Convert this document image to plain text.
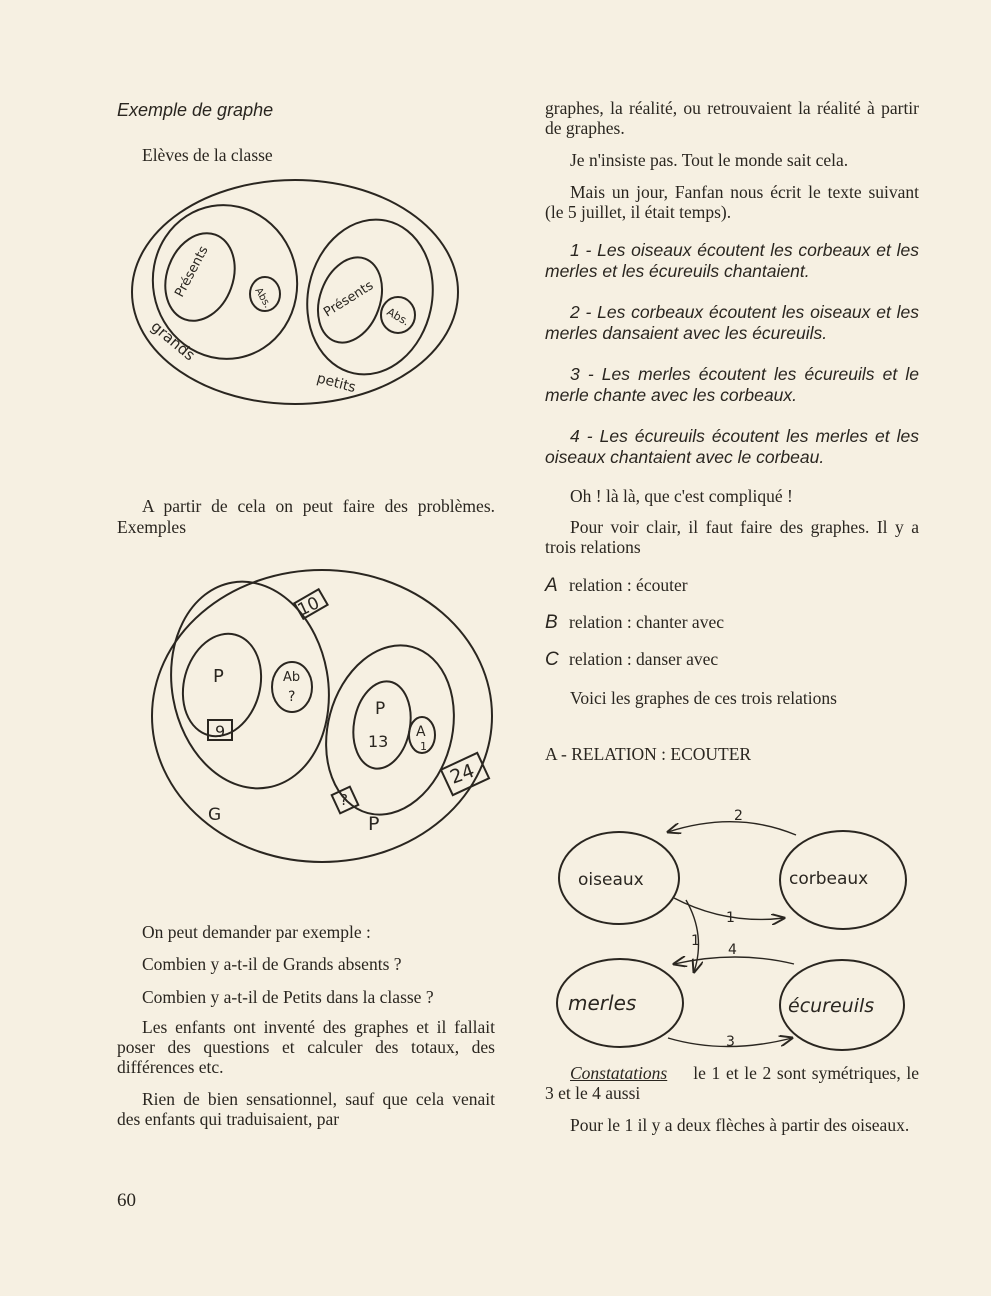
Exemple de graphe

Elèves de la classe

Présents	Abs.	Présents Abs.
grands
petits

A partir de cela on peut faire des problèmes. Exemples

10
P
9
Ab
?
P
13 A
1
?
24
G	P

On peut demander par exemple :

Combien y a-t-il de Grands absents ?

Combien y a-t-il de Petits dans la classe ?

Les enfants ont inventé des graphes et il fallait poser des questions et calculer des totaux, des différences etc.

Rien de bien sensationnel, sauf que cela venait des enfants qui traduisaient, par

graphes, la réalité, ou retrouvaient la réalité à partir de graphes.

Je n'insiste pas. Tout le monde sait cela.

Mais un jour, Fanfan nous écrit le texte suivant (le 5 juillet, il était temps).

1 - Les oiseaux écoutent les corbeaux et les merles et les écureuils chantaient.

2 - Les corbeaux écoutent les oiseaux et les merles dansaient avec les écureuils.

3 - Les merles écoutent les écureuils et le merle chante avec les corbeaux.

4 - Les écureuils écoutent les merles et les oiseaux chantaient avec le corbeau.

Oh ! là là, que c'est compliqué !

Pour voir clair, il faut faire des graphes. Il y a trois relations

A relation : écouter
B relation : chanter avec
C relation : danser avec

Voici les graphes de ces trois relations

A - RELATION : ECOUTER

oiseaux	corbeaux
merles	écureuils
2
1
1
4
3

Constatations le 1 et le 2 sont symétriques, le 3 et le 4 aussi

Pour le 1 il y a deux flèches à partir des oiseaux.

60
